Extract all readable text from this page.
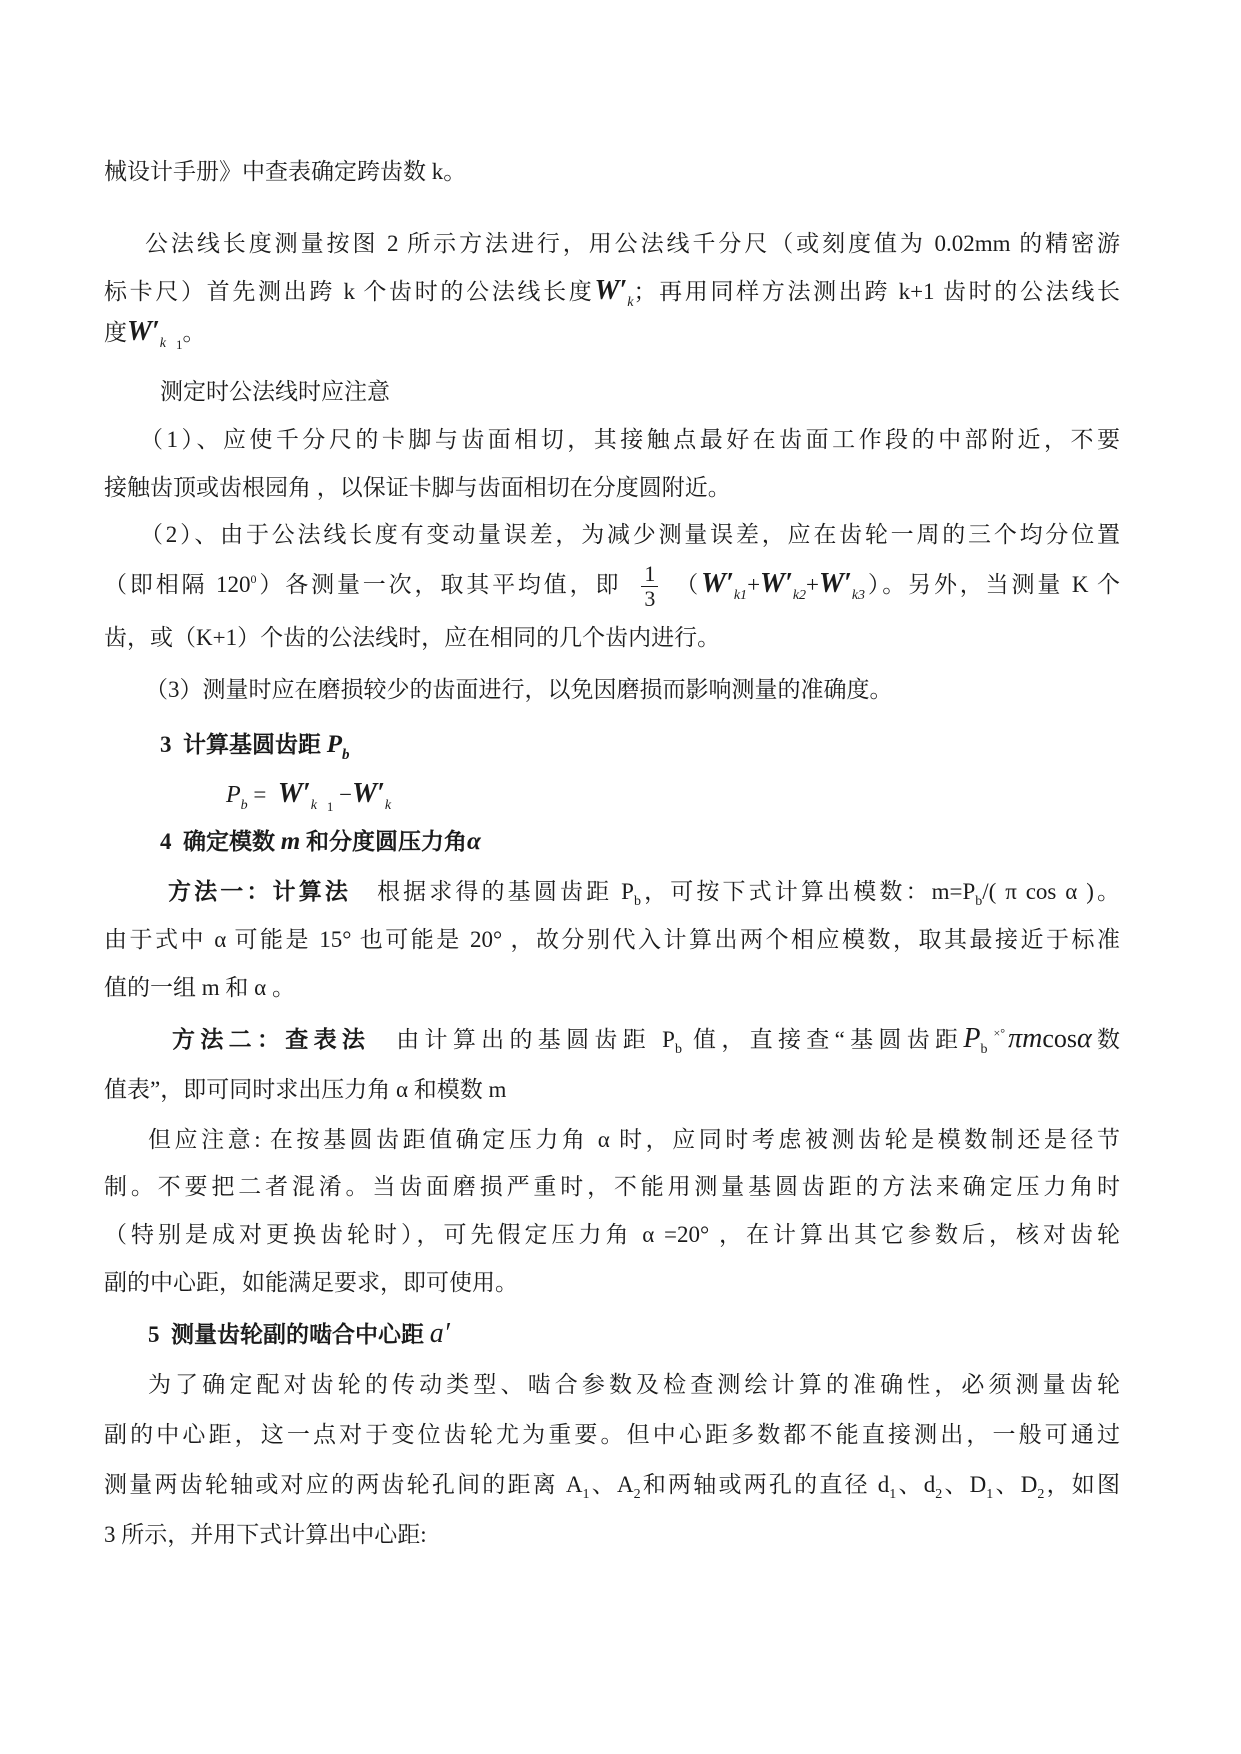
械设计手册》中查表确定跨齿数 k。
公法线长度测量按图 2 所示方法进行，用公法线千分尺（或刻度值为 0.02mm 的精密游
标卡尺）首先测出跨 k 个齿时的公法线长度$W'_k$；再用同样方法测出跨 k+1 齿时的公法线长
度$W'_k$ $_1$。
测定时公法线时应注意
（1）、应使千分尺的卡脚与齿面相切，其接触点最好在齿面工作段的中部附近，不要
接触齿顶或齿根园角 ，以保证卡脚与齿面相切在分度圆附近。
（2）、由于公法线长度有变动量误差，为减少测量误差，应在齿轮一周的三个均分位置
（即相隔 $120^0$）各测量一次，取其平均值，即 $\frac{1}{3} (W'_{k1}+W'_{k2}+W'_{k3})$。另外，当测量 K 个
齿，或（K+1）个齿的公法线时，应在相同的几个齿内进行。
（3）测量时应在磨损较少的齿面进行，以免因磨损而影响测量的准确度。
3  计算基圆齿距 $P_b$
$P_b = W'_k$ $_1 -W'_k$
4  确定模数 m 和分度圆压力角α
方法一：计算法 根据求得的基圆齿距 $P_b$，可按下式计算出模数：$m=P_b/$( π cos α )。
由于式中 α 可能是 15° 也可能是 20° ，故分别代入计算出两个相应模数，取其最接近于标准
值的一组 m 和 α 。
方法二：查表法 由计算出的基圆齿距 $P_b$ 值，直接查“基圆齿距$P_b^{\times^\circ}$ πmcosα数
值表”，即可同时求出压力角 α 和模数 m
但应注意: 在按基圆齿距值确定压力角 α 时，应同时考虑被测齿轮是模数制还是径节
制。不要把二者混淆。当齿面磨损严重时，不能用测量基圆齿距的方法来确定压力角时
（特别是成对更换齿轮时），可先假定压力角 α =20° ，在计算出其它参数后，核对齿轮
副的中心距，如能满足要求，即可使用。
5  测量齿轮副的啮合中心距 a′
为了确定配对齿轮的传动类型、啮合参数及检查测绘计算的准确性，必须测量齿轮
副的中心距，这一点对于变位齿轮尤为重要。但中心距多数都不能直接测出，一般可通过
测量两齿轮轴或对应的两齿轮孔间的距离 $A_1$、$A_2$和两轴或两孔的直径 $d_1$、$d_2$、$D_1$、$D_2$，如图
3 所示，并用下式计算出中心距:
